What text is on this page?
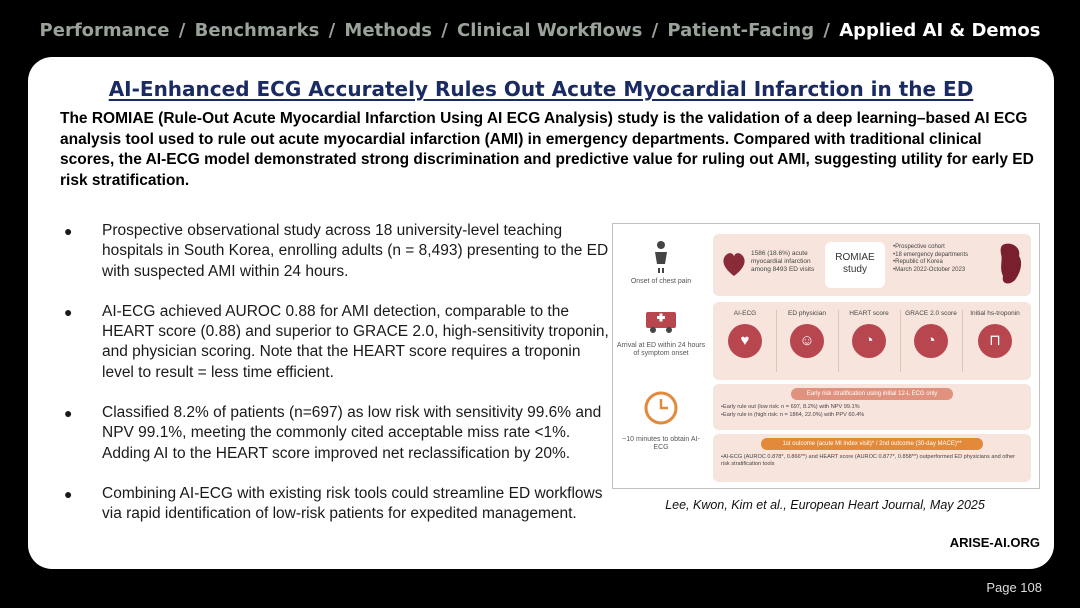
Performance / Benchmarks / Methods / Clinical Workflows / Patient-Facing / Applied AI & Demos
AI-Enhanced ECG Accurately Rules Out Acute Myocardial Infarction in the ED

The ROMIAE (Rule-Out Acute Myocardial Infarction Using AI ECG Analysis) study is the validation of a deep learning–based AI ECG analysis tool used to rule out acute myocardial infarction (AMI) in emergency departments. Compared with traditional clinical scores, the AI-ECG model demonstrated strong discrimination and predictive value for ruling out AMI, suggesting utility for early ED risk stratification.

● Prospective observational study across 18 university-level teaching hospitals in South Korea, enrolling adults (n = 8,493) presenting to the ED with suspected AMI within 24 hours.
● AI-ECG achieved AUROC 0.88 for AMI detection, comparable to the HEART score (0.88) and superior to GRACE 2.0, high-sensitivity troponin, and physician scoring. Note that the HEART score requires a troponin level to result = less time efficient.
● Classified 8.2% of patients (n=697) as low risk with sensitivity 99.6% and NPV 99.1%, meeting the commonly cited acceptable miss rate <1%. Adding AI to the HEART score improved net reclassification by 20%.
● Combining AI-ECG with existing risk tools could streamline ED workflows via rapid identification of low-risk patients for expedited management.
Onset of chest pain
Arrival at ED within 24 hours of symptom onset
~10 minutes to obtain AI-ECG
1586 (18.6%) acute myocardial infarction among 8493 ED visits
ROMIAE study
• Prospective cohort
• 18 emergency departments
• Republic of Korea
• March 2022-October 2023
AI-ECG
♥
ED physician
☺
HEART score
◔
GRACE 2.0 score
◔
Initial hs-troponin
⊓
Early risk stratification using initial 12-L ECG only
• Early rule out (low risk: n = 697, 8.2%) with NPV 99.1%
• Early rule in (high risk: n = 1864, 22.0%) with PPV 60.4%
1st outcome (acute MI index visit)* / 2nd outcome (30-day MACE)**
• AI-ECG (AUROC 0.878*, 0.866**) and HEART score (AUROC 0.877*, 0.858**) outperformed ED physicians and other risk stratification tools
Lee, Kwon, Kim et al., European Heart Journal, May 2025
ARISE-AI.ORG
Page 108
